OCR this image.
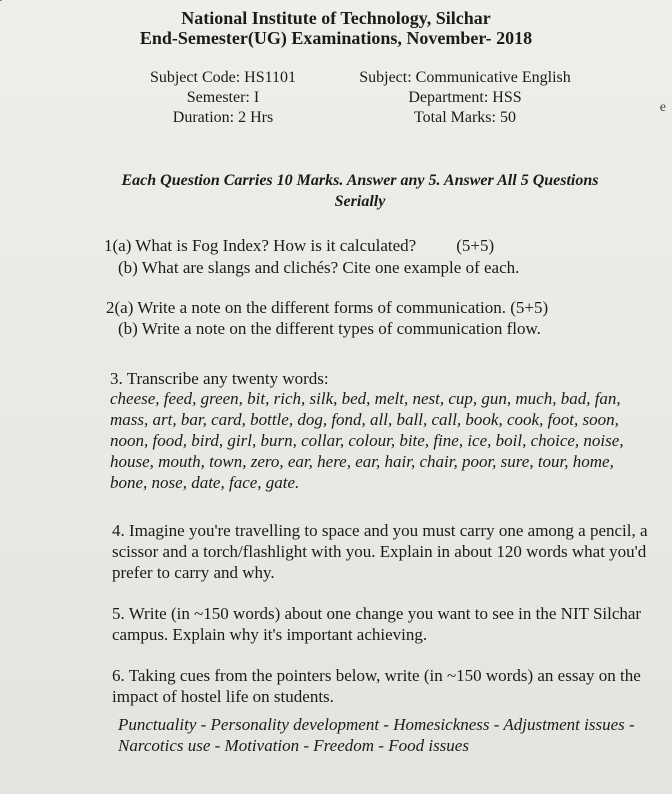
e
National Institute of Technology, Silchar
End-Semester(UG) Examinations, November- 2018
Subject Code: HS1101
Semester: I
Duration: 2 Hrs
Subject: Communicative English
Department: HSS
Total Marks: 50
Each Question Carries 10 Marks. Answer any 5. Answer All 5 Questions Serially
1(a) What is Fog Index? How is it calculated? (5+5)
(b) What are slangs and clichés? Cite one example of each.
2(a) Write a note on the different forms of communication. (5+5)
(b) Write a note on the different types of communication flow.
3. Transcribe any twenty words:
cheese, feed, green, bit, rich, silk, bed, melt, nest, cup, gun, much, bad, fan, mass, art, bar, card, bottle, dog, fond, all, ball, call, book, cook, foot, soon, noon, food, bird, girl, burn, collar, colour, bite, fine, ice, boil, choice, noise, house, mouth, town, zero, ear, here, ear, hair, chair, poor, sure, tour, home, bone, nose, date, face, gate.
4. Imagine you're travelling to space and you must carry one among a pencil, a scissor and a torch/flashlight with you. Explain in about 120 words what you'd prefer to carry and why.
5. Write (in ~150 words) about one change you want to see in the NIT Silchar campus. Explain why it's important achieving.
6. Taking cues from the pointers below, write (in ~150 words) an essay on the impact of hostel life on students.
Punctuality - Personality development - Homesickness - Adjustment issues - Narcotics use - Motivation - Freedom - Food issues
